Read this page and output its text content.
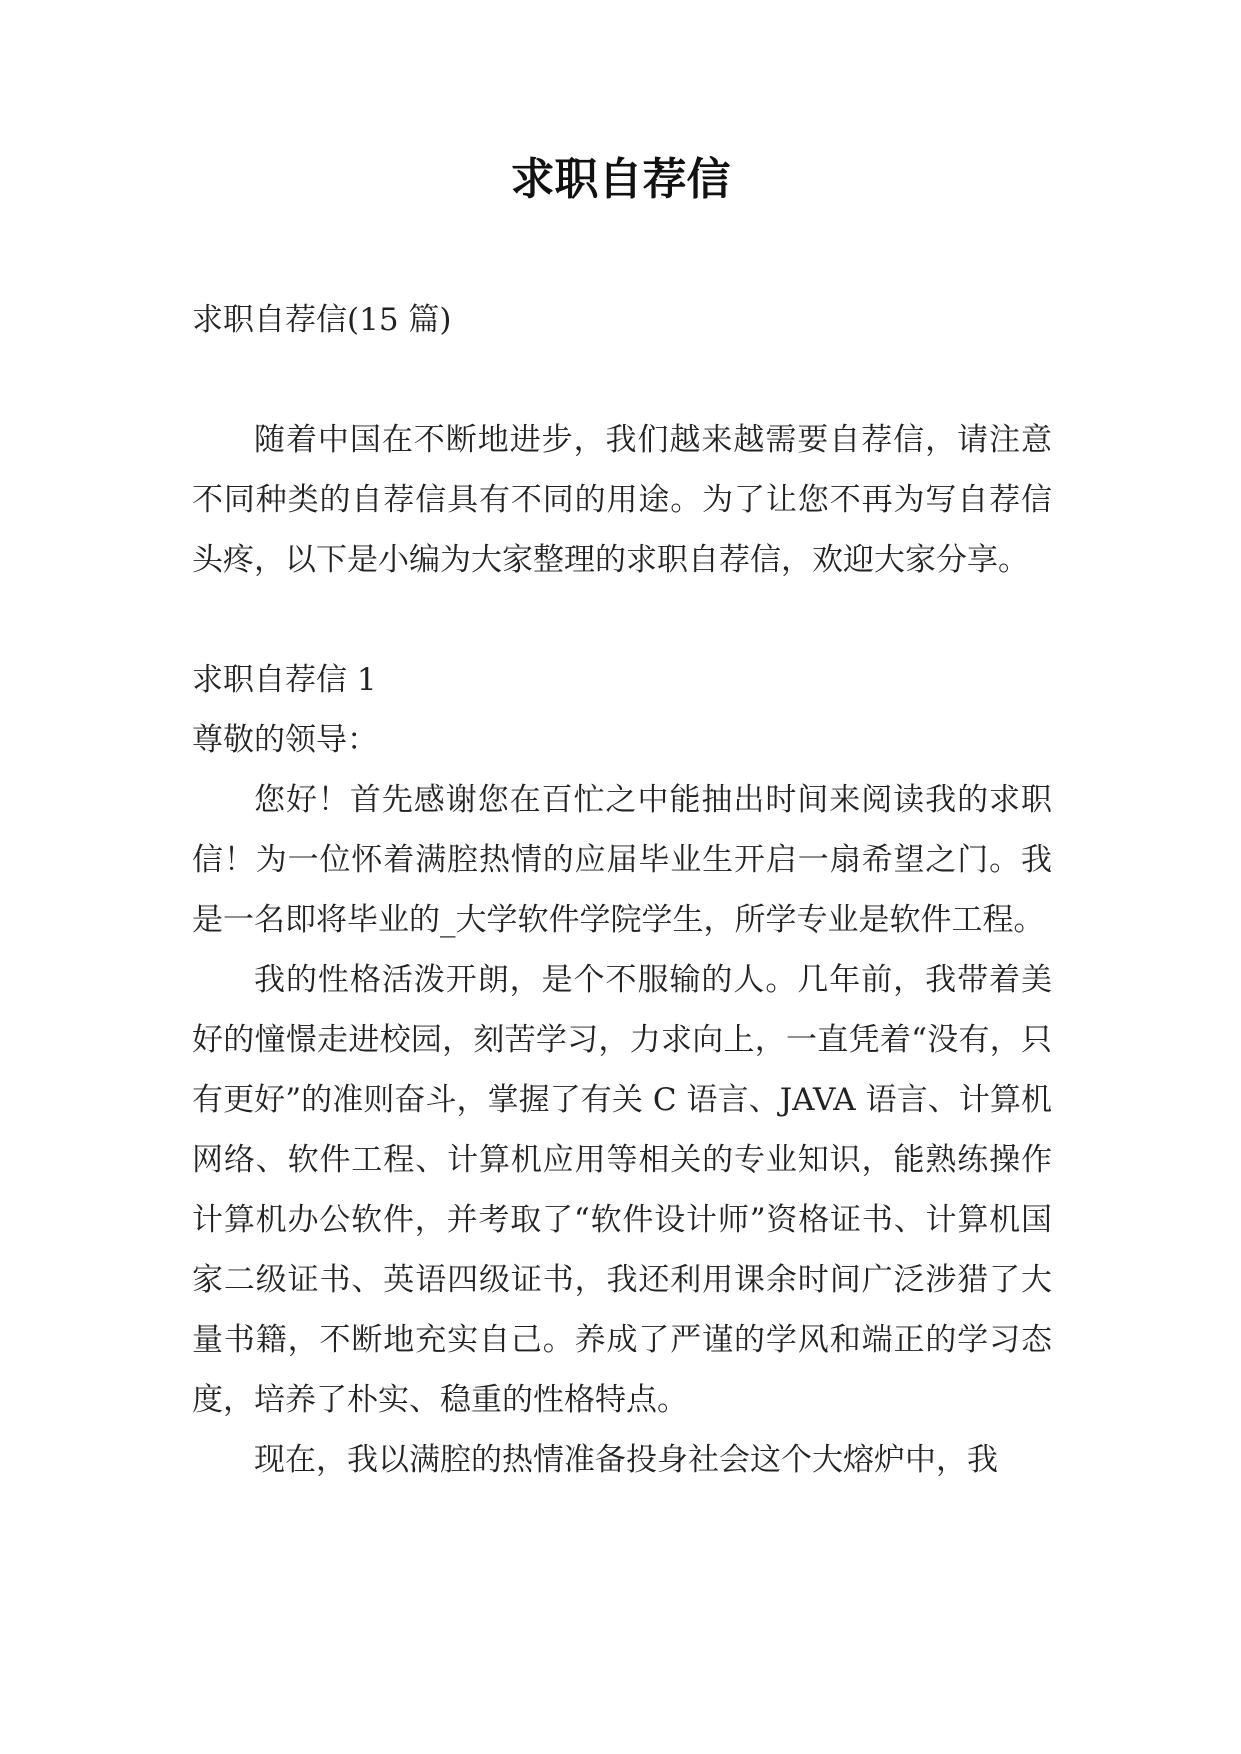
求职自荐信

求职自荐信(15 篇)

随着中国在不断地进步，我们越来越需要自荐信，请注意不同种类的自荐信具有不同的用途。为了让您不再为写自荐信头疼，以下是小编为大家整理的求职自荐信，欢迎大家分享。

求职自荐信 1

尊敬的领导：

您好！首先感谢您在百忙之中能抽出时间来阅读我的求职信！为一位怀着满腔热情的应届毕业生开启一扇希望之门。我是一名即将毕业的_大学软件学院学生，所学专业是软件工程。

我的性格活泼开朗，是个不服输的人。几年前，我带着美好的憧憬走进校园，刻苦学习，力求向上，一直凭着“没有，只有更好”的准则奋斗，掌握了有关 C 语言、JAVA 语言、计算机网络、软件工程、计算机应用等相关的专业知识，能熟练操作计算机办公软件，并考取了“软件设计师”资格证书、计算机国家二级证书、英语四级证书，我还利用课余时间广泛涉猎了大量书籍，不断地充实自己。养成了严谨的学风和端正的学习态度，培养了朴实、稳重的性格特点。

现在，我以满腔的热情准备投身社会这个大熔炉中，我
